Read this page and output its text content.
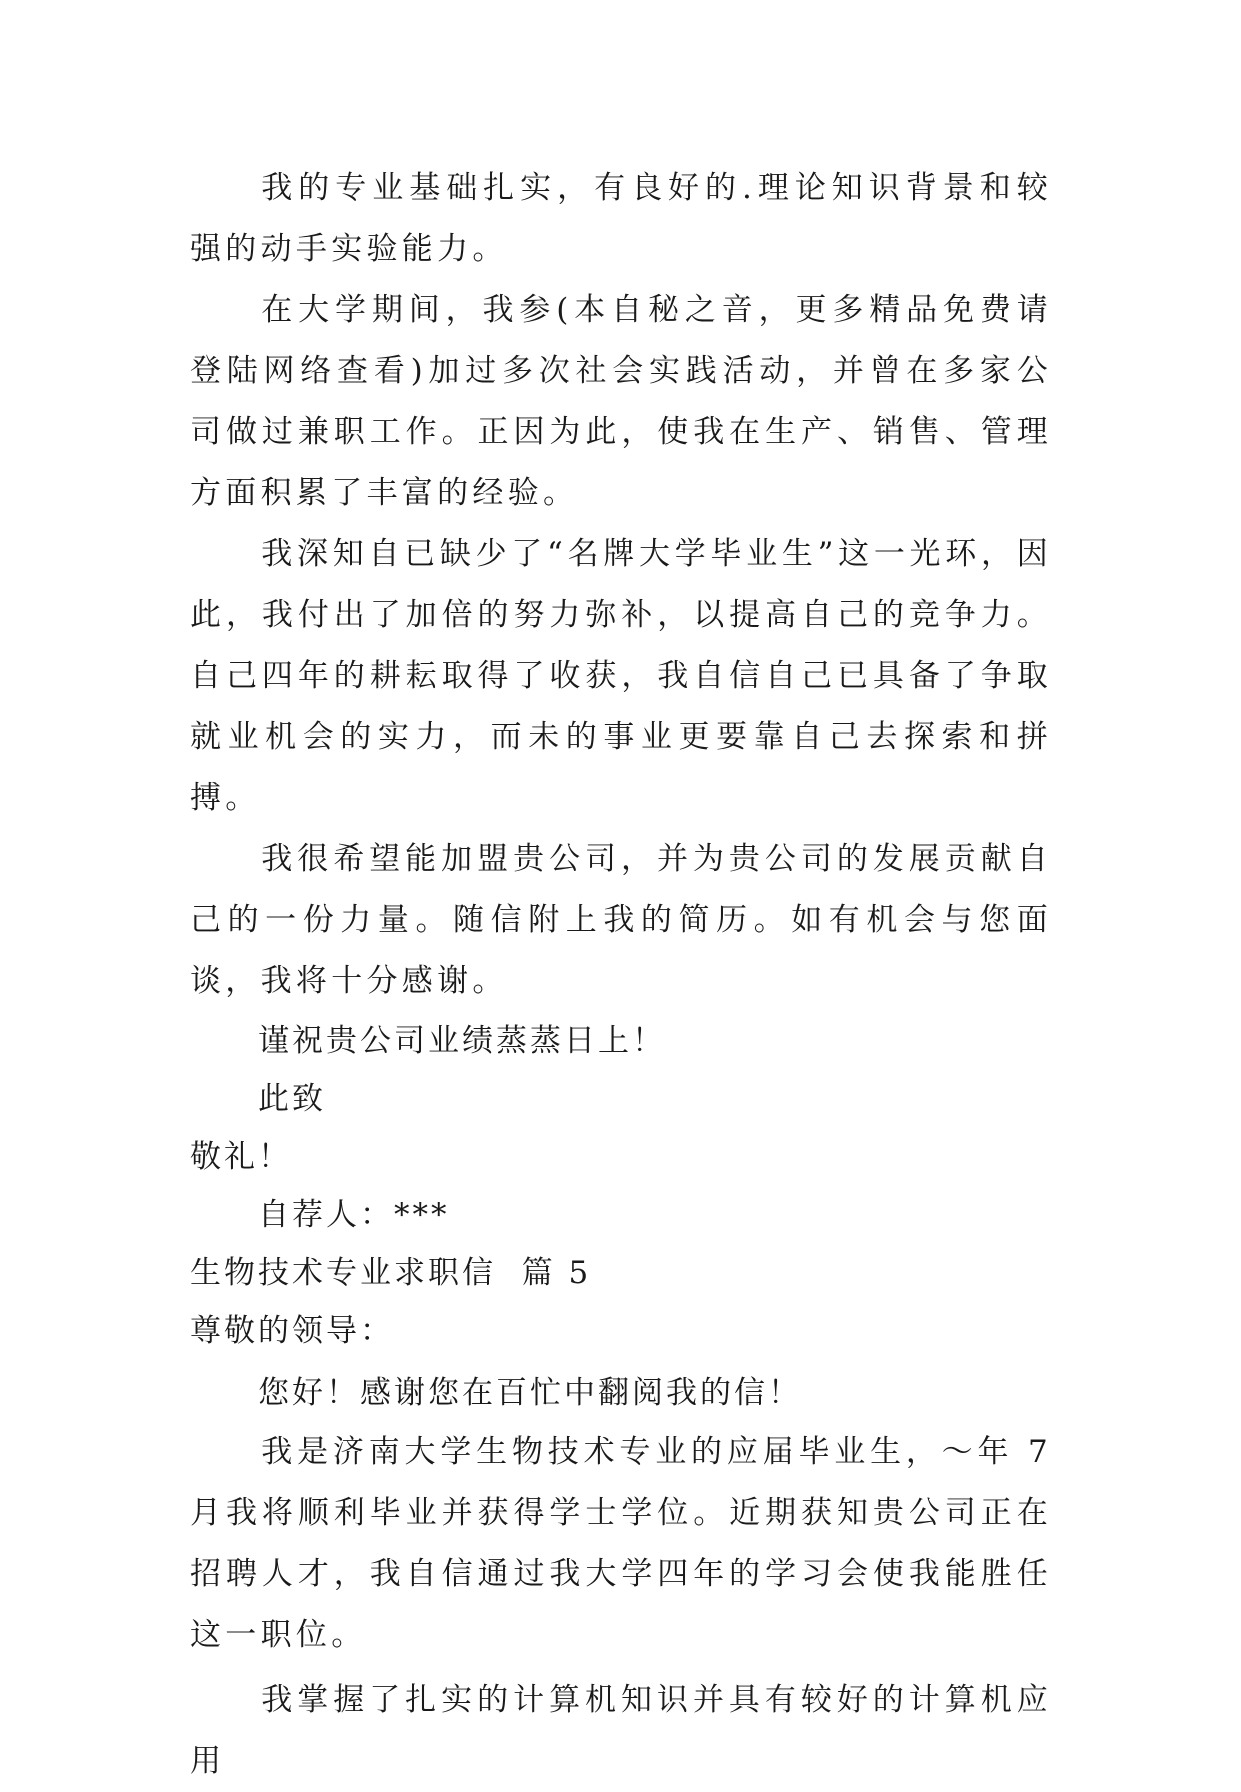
我的专业基础扎实，有良好的.理论知识背景和较强的动手实验能力。

在大学期间，我参(本自秘之音，更多精品免费请登陆网络查看)加过多次社会实践活动，并曾在多家公司做过兼职工作。正因为此，使我在生产、销售、管理方面积累了丰富的经验。

我深知自已缺少了“名牌大学毕业生”这一光环，因此，我付出了加倍的努力弥补，以提高自己的竞争力。自己四年的耕耘取得了收获，我自信自己已具备了争取就业机会的实力，而未的事业更要靠自己去探索和拼搏。

我很希望能加盟贵公司，并为贵公司的发展贡献自己的一份力量。随信附上我的简历。如有机会与您面谈，我将十分感谢。

谨祝贵公司业绩蒸蒸日上！

此致

敬礼！

自荐人：***

生物技术专业求职信  篇 5

尊敬的领导：

您好！感谢您在百忙中翻阅我的信！

我是济南大学生物技术专业的应届毕业生，～年 7 月我将顺利毕业并获得学士学位。近期获知贵公司正在招聘人才，我自信通过我大学四年的学习会使我能胜任这一职位。

我掌握了扎实的计算机知识并具有较好的计算机应用
